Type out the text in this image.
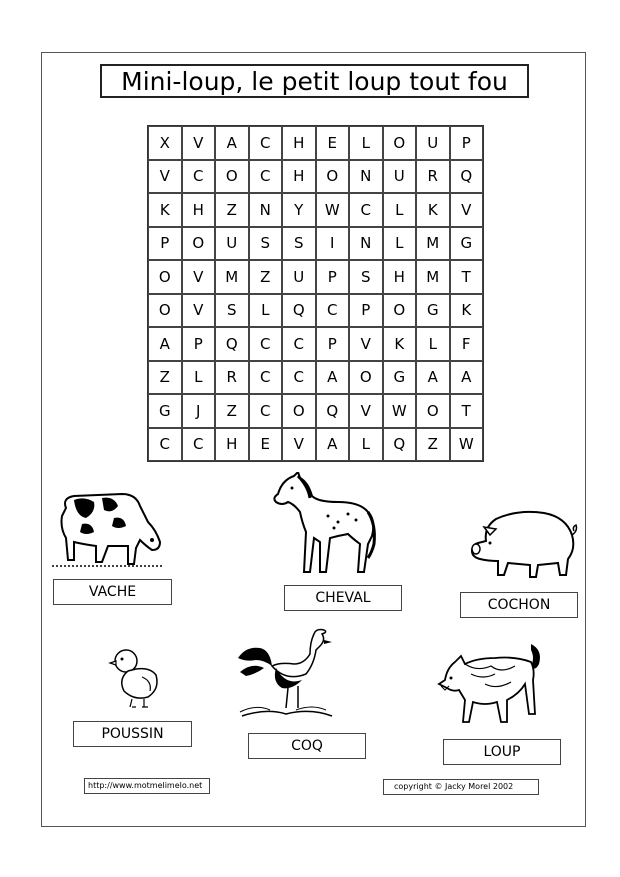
Mini-loup, le petit loup tout fou
X	V	A	C	H	E	L	O	U	P
V	C	O	C	H	O	N	U	R	Q
K	H	Z	N	Y	W	C	L	K	V
P	O	U	S	S	I	N	L	M	G
O	V	M	Z	U	P	S	H	M	T
O	V	S	L	Q	C	P	O	G	K
A	P	Q	C	C	P	V	K	L	F
Z	L	R	C	C	A	O	G	A	A
G	J	Z	C	O	Q	V	W	O	T
C	C	H	E	V	A	L	Q	Z	W
VACHE	CHEVAL	COCHON
POUSSIN
COQ	LOUP
http://www.motmelimelo.net	copyright © Jacky Morel 2002
